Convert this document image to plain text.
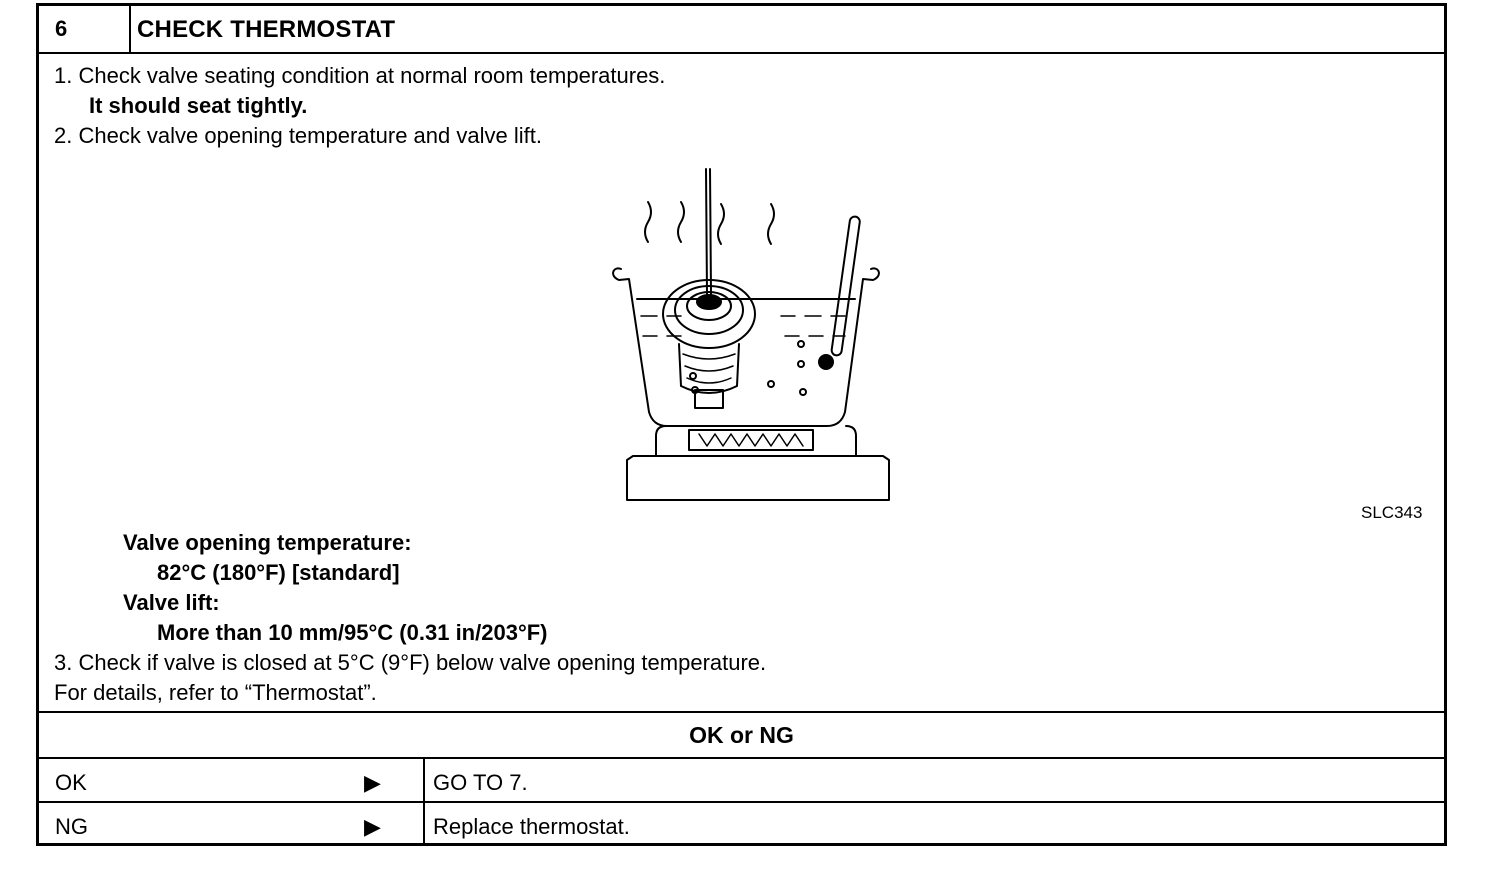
6	CHECK THERMOSTAT
1. Check valve seating condition at normal room temperatures.
It should seat tightly.
2. Check valve opening temperature and valve lift.
SLC343
Valve opening temperature:
82°C (180°F) [standard]
Valve lift:
More than 10 mm/95°C (0.31 in/203°F)
3. Check if valve is closed at 5°C (9°F) below valve opening temperature.
For details, refer to “Thermostat”.
OK or NG
OK	▶ GO TO 7.
NG	▶ Replace thermostat.
